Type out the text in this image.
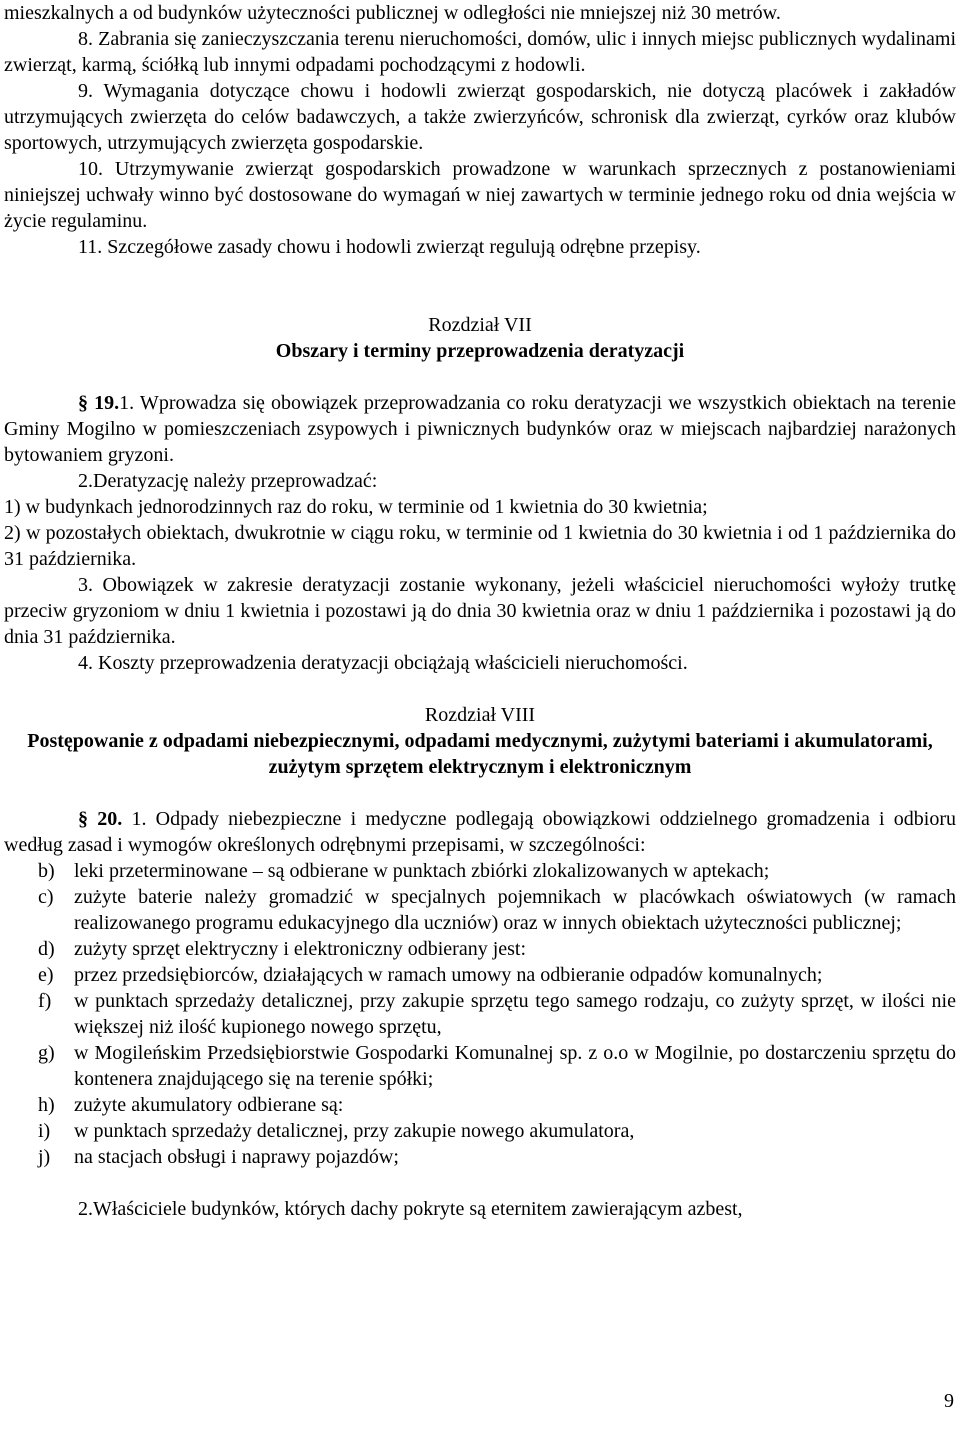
mieszkalnych a od budynków użyteczności publicznej w odległości nie mniejszej niż 30 metrów.

8. Zabrania się zanieczyszczania terenu nieruchomości, domów, ulic i innych miejsc publicznych wydalinami zwierząt, karmą, ściółką lub innymi odpadami pochodzącymi z hodowli.

9. Wymagania dotyczące chowu i hodowli zwierząt gospodarskich, nie dotyczą placówek i zakładów utrzymujących zwierzęta do celów badawczych, a także zwierzyńców, schronisk dla zwierząt, cyrków oraz klubów sportowych, utrzymujących zwierzęta gospodarskie.

10. Utrzymywanie zwierząt gospodarskich prowadzone w warunkach sprzecznych z postanowieniami niniejszej uchwały winno być dostosowane do wymagań w niej zawartych w terminie jednego roku od dnia wejścia w życie regulaminu.

11. Szczegółowe zasady chowu i hodowli zwierząt regulują odrębne przepisy.

Rozdział VII

Obszary i terminy przeprowadzenia deratyzacji

§ 19.1. Wprowadza się obowiązek przeprowadzania co roku deratyzacji we wszystkich obiektach na terenie Gminy Mogilno w pomieszczeniach zsypowych i piwnicznych budynków oraz w miejscach najbardziej narażonych bytowaniem gryzoni.

2.Deratyzację należy przeprowadzać:

1) w budynkach jednorodzinnych raz do roku, w terminie od 1 kwietnia do 30 kwietnia;

2) w pozostałych obiektach, dwukrotnie w ciągu roku, w terminie od 1 kwietnia do 30 kwietnia i od 1 października do 31 października.

3. Obowiązek w zakresie deratyzacji zostanie wykonany, jeżeli właściciel nieruchomości wyłoży trutkę przeciw gryzoniom w dniu 1 kwietnia i pozostawi ją do dnia 30 kwietnia oraz w dniu 1 października i pozostawi ją do dnia 31 października.

4. Koszty przeprowadzenia deratyzacji obciążają właścicieli nieruchomości.

Rozdział VIII

Postępowanie z odpadami niebezpiecznymi, odpadami medycznymi, zużytymi bateriami i akumulatorami, zużytym sprzętem elektrycznym i elektronicznym

§ 20. 1. Odpady niebezpieczne i medyczne podlegają obowiązkowi oddzielnego gromadzenia i odbioru według zasad i wymogów określonych odrębnymi przepisami, w szczególności:

b) leki przeterminowane – są odbierane w punktach zbiórki zlokalizowanych w aptekach;
c)	zużyte baterie należy gromadzić w specjalnych pojemnikach w placówkach oświatowych (w ramach realizowanego programu edukacyjnego dla uczniów) oraz w innych obiektach użyteczności publicznej;
d) zużyty sprzęt elektryczny i elektroniczny odbierany jest:
e)	przez przedsiębiorców, działających w ramach umowy na odbieranie odpadów komunalnych;
f)	w punktach sprzedaży detalicznej, przy zakupie sprzętu tego samego rodzaju, co zużyty sprzęt, w ilości nie większej niż ilość kupionego nowego sprzętu,
g) w Mogileńskim Przedsiębiorstwie Gospodarki Komunalnej sp. z o.o w Mogilnie, po dostarczeniu sprzętu do kontenera znajdującego się na terenie spółki;
h) zużyte akumulatory odbierane są:
i)	w punktach sprzedaży detalicznej, przy zakupie nowego akumulatora,
j)	na stacjach obsługi i naprawy pojazdów;

2.Właściciele budynków, których dachy pokryte są eternitem zawierającym azbest,

9
